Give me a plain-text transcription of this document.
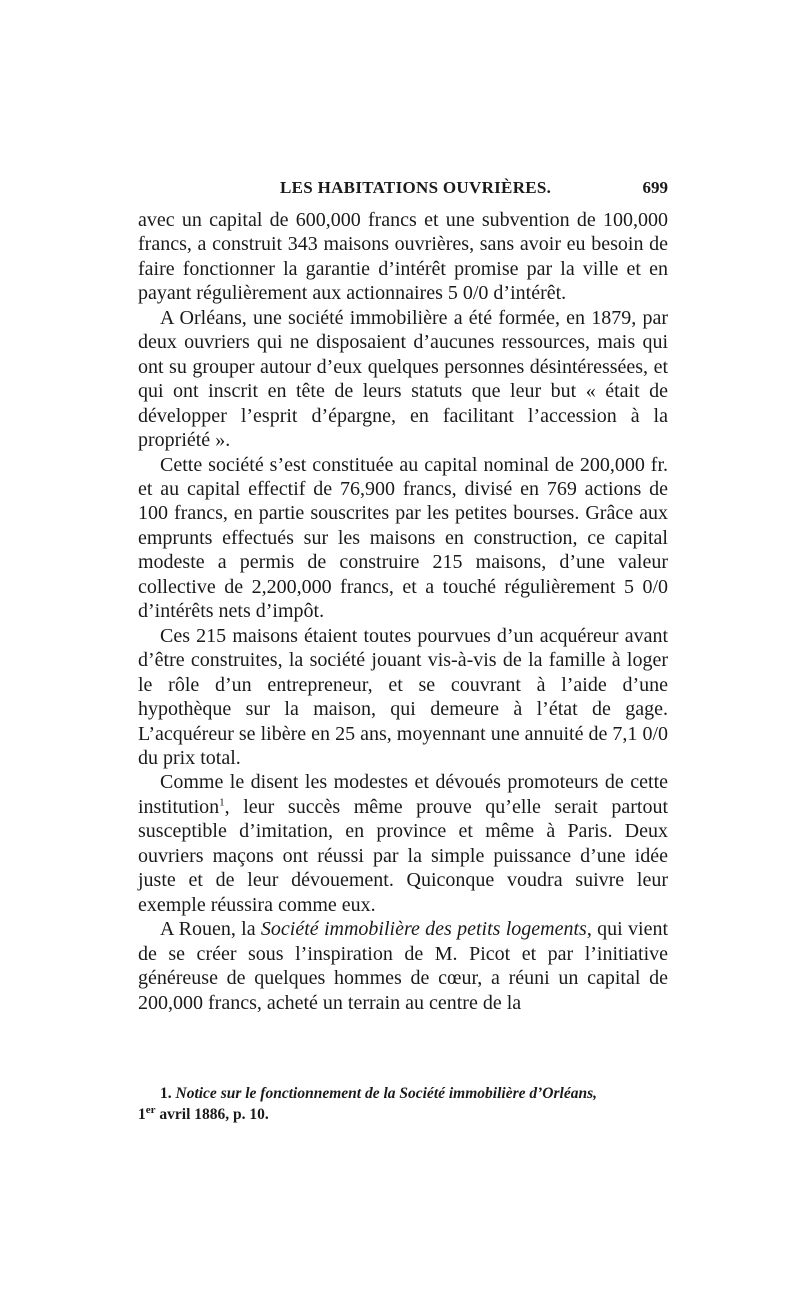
LES HABITATIONS OUVRIÈRES.	699

avec un capital de 600,000 francs et une subvention de 100,000 francs, a construit 343 maisons ouvrières, sans avoir eu besoin de faire fonctionner la garantie d’intérêt promise par la ville et en payant régulièrement aux actionnaires 5 0/0 d’intérêt.

A Orléans, une société immobilière a été formée, en 1879, par deux ouvriers qui ne disposaient d’aucunes ressources, mais qui ont su grouper autour d’eux quelques personnes désintéressées, et qui ont inscrit en tête de leurs statuts que leur but « était de développer l’esprit d’épargne, en facilitant l’accession à la propriété ».

Cette société s’est constituée au capital nominal de 200,000 fr. et au capital effectif de 76,900 francs, divisé en 769 actions de 100 francs, en partie souscrites par les petites bourses. Grâce aux emprunts effectués sur les maisons en construction, ce capital modeste a permis de construire 215 maisons, d’une valeur collective de 2,200,000 francs, et a touché régulièrement 5 0/0 d’intérêts nets d’impôt.

Ces 215 maisons étaient toutes pourvues d’un acquéreur avant d’être construites, la société jouant vis-à-vis de la famille à loger le rôle d’un entrepreneur, et se couvrant à l’aide d’une hypothèque sur la maison, qui demeure à l’état de gage. L’acquéreur se libère en 25 ans, moyennant une annuité de 7,1 0/0 du prix total.

Comme le disent les modestes et dévoués promoteurs de cette institution$^1$, leur succès même prouve qu’elle serait partout susceptible d’imitation, en province et même à Paris. Deux ouvriers maçons ont réussi par la simple puissance d’une idée juste et de leur dévouement. Quiconque voudra suivre leur exemple réussira comme eux.

A Rouen, la Société immobilière des petits logements, qui vient de se créer sous l’inspiration de M. Picot et par l’initiative généreuse de quelques hommes de cœur, a réuni un capital de 200,000 francs, acheté un terrain au centre de la

1. Notice sur le fonctionnement de la Société immobilière d’Orléans,
1er avril 1886, p. 10.
